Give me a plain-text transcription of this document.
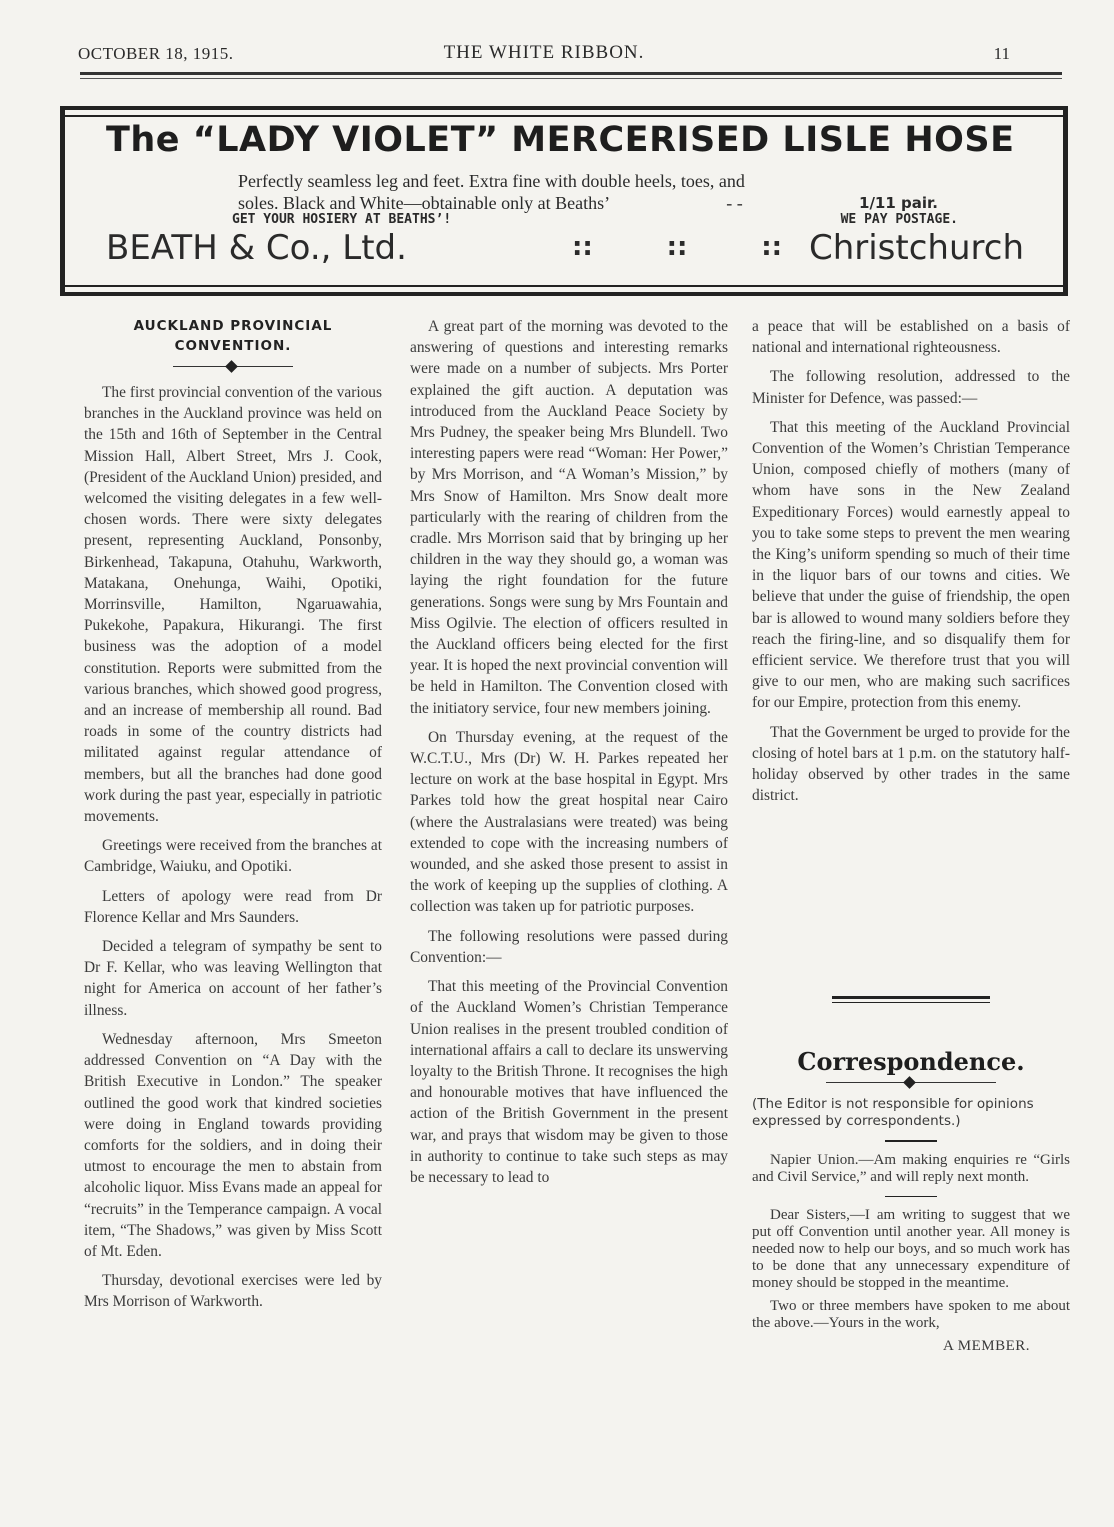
OCTOBER 18, 1915.	THE WHITE RIBBON.	11
The “LADY VIOLET” MERCERISED LISLE HOSE
Perfectly seamless leg and feet. Extra fine with double heels, toes, and
soles. Black and White—obtainable only at Beaths’	- -	1/11 pair.
GET YOUR HOSIERY AT BEATHS’!	WE PAY POSTAGE.
BEATH & Co., Ltd.	::	::	:: Christchurch
AUCKLAND PROVINCIAL
CONVENTION.

The first provincial convention of the various branches in the Auckland province was held on the 15th and 16th of September in the Central Mission Hall, Albert Street, Mrs J. Cook, (President of the Auckland Union) presided, and welcomed the visiting delegates in a few well-chosen words. There were sixty delegates present, representing Auckland, Ponsonby, Birkenhead, Takapuna, Otahuhu, Warkworth, Matakana, Onehunga, Waihi, Opotiki, Morrinsville, Hamilton, Ngaruawahia, Pukekohe, Papakura, Hikurangi. The first business was the adoption of a model constitution. Reports were submitted from the various branches, which showed good progress, and an increase of membership all round. Bad roads in some of the country districts had militated against regular attendance of members, but all the branches had done good work during the past year, especially in patriotic movements.

Greetings were received from the branches at Cambridge, Waiuku, and Opotiki.

Letters of apology were read from Dr Florence Kellar and Mrs Saunders.

Decided a telegram of sympathy be sent to Dr F. Kellar, who was leaving Wellington that night for America on account of her father’s illness.

Wednesday afternoon, Mrs Smeeton addressed Convention on “A Day with the British Executive in London.” The speaker outlined the good work that kindred societies were doing in England towards providing comforts for the soldiers, and in doing their utmost to encourage the men to abstain from alcoholic liquor. Miss Evans made an appeal for “recruits” in the Temperance campaign. A vocal item, “The Shadows,” was given by Miss Scott of Mt. Eden.

Thursday, devotional exercises were led by Mrs Morrison of Warkworth.

A great part of the morning was devoted to the answering of questions and interesting remarks were made on a number of subjects. Mrs Porter explained the gift auction. A deputation was introduced from the Auckland Peace Society by Mrs Pudney, the speaker being Mrs Blundell. Two interesting papers were read “Woman: Her Power,” by Mrs Morrison, and “A Woman’s Mission,” by Mrs Snow of Hamilton. Mrs Snow dealt more particularly with the rearing of children from the cradle. Mrs Morrison said that by bringing up her children in the way they should go, a woman was laying the right foundation for the future generations. Songs were sung by Mrs Fountain and Miss Ogilvie. The election of officers resulted in the Auckland officers being elected for the first year. It is hoped the next provincial convention will be held in Hamilton. The Convention closed with the initiatory service, four new members joining.

On Thursday evening, at the request of the W.C.T.U., Mrs (Dr) W. H. Parkes repeated her lecture on work at the base hospital in Egypt. Mrs Parkes told how the great hospital near Cairo (where the Australasians were treated) was being extended to cope with the increasing numbers of wounded, and she asked those present to assist in the work of keeping up the supplies of clothing. A collection was taken up for patriotic purposes.

The following resolutions were passed during Convention:—

That this meeting of the Provincial Convention of the Auckland Women’s Christian Temperance Union realises in the present troubled condition of international affairs a call to declare its unswerving loyalty to the British Throne. It recognises the high and honourable motives that have influenced the action of the British Government in the present war, and prays that wisdom may be given to those in authority to continue to take such steps as may be necessary to lead to

a peace that will be established on a basis of national and international righteousness.

The following resolution, addressed to the Minister for Defence, was passed:—

That this meeting of the Auckland Provincial Convention of the Women’s Christian Temperance Union, composed chiefly of mothers (many of whom have sons in the New Zealand Expeditionary Forces) would earnestly appeal to you to take some steps to prevent the men wearing the King’s uniform spending so much of their time in the liquor bars of our towns and cities. We believe that under the guise of friendship, the open bar is allowed to wound many soldiers before they reach the firing-line, and so disqualify them for efficient service. We therefore trust that you will give to our men, who are making such sacrifices for our Empire, protection from this enemy.

That the Government be urged to provide for the closing of hotel bars at 1 p.m. on the statutory half-holiday observed by other trades in the same district.

Correspondence.
(The Editor is not responsible for opinions expressed by correspondents.)

Napier Union.—Am making enquiries re “Girls and Civil Service,” and will reply next month.

Dear Sisters,—I am writing to suggest that we put off Convention until another year. All money is needed now to help our boys, and so much work has to be done that any unnecessary expenditure of money should be stopped in the meantime.

Two or three members have spoken to me about the above.—Yours in the work,

A MEMBER.
